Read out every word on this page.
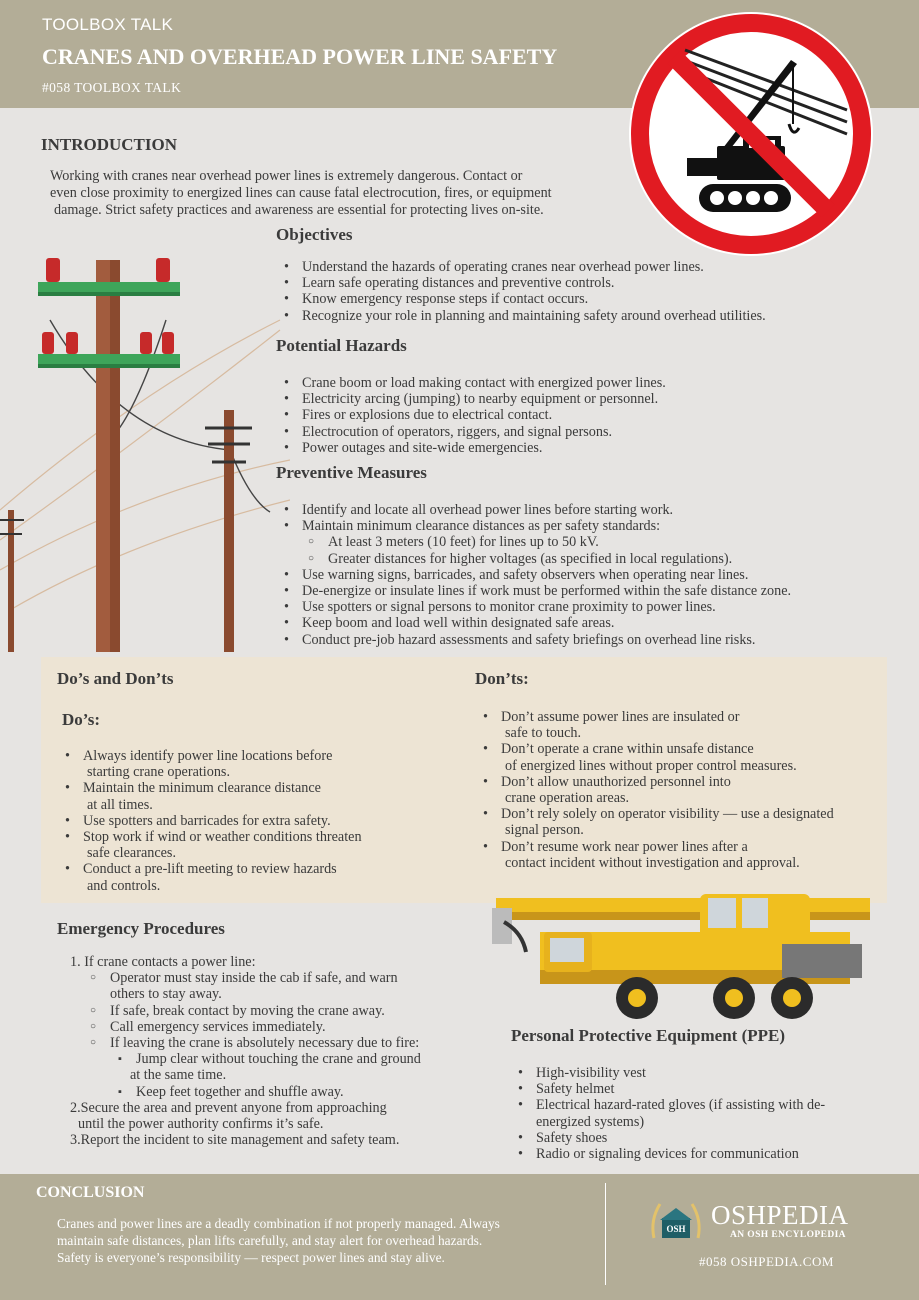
TOOLBOX TALK
CRANES AND OVERHEAD POWER LINE SAFETY
#058 TOOLBOX TALK
INTRODUCTION
Working with cranes near overhead power lines is extremely dangerous. Contact or
even close proximity to energized lines can cause fatal electrocution, fires, or equipment
damage. Strict safety practices and awareness are essential for protecting lives on-site.
Objectives
• Understand the hazards of operating cranes near overhead power lines.
• Learn safe operating distances and preventive controls.
• Know emergency response steps if contact occurs.
• Recognize your role in planning and maintaining safety around overhead utilities.
Potential Hazards
• Crane boom or load making contact with energized power lines.
• Electricity arcing (jumping) to nearby equipment or personnel.
• Fires or explosions due to electrical contact.
• Electrocution of operators, riggers, and signal persons.
• Power outages and site-wide emergencies.
Preventive Measures
• Identify and locate all overhead power lines before starting work.
• Maintain minimum clearance distances as per safety standards:
○ At least 3 meters (10 feet) for lines up to 50 kV.
○ Greater distances for higher voltages (as specified in local regulations).
• Use warning signs, barricades, and safety observers when operating near lines.
• De-energize or insulate lines if work must be performed within the safe distance zone.
• Use spotters or signal persons to monitor crane proximity to power lines.
• Keep boom and load well within designated safe areas.
• Conduct pre-job hazard assessments and safety briefings on overhead line risks.
Do’s and Don’ts
Do’s:
Don’ts:
• Always identify power line locations before
starting crane operations.
• Maintain the minimum clearance distance
at all times.
• Use spotters and barricades for extra safety.
• Stop work if wind or weather conditions threaten
safe clearances.
• Conduct a pre-lift meeting to review hazards
and controls.
• Don’t assume power lines are insulated or
safe to touch.
• Don’t operate a crane within unsafe distance
of energized lines without proper control measures.
• Don’t allow unauthorized personnel into
crane operation areas.
• Don’t rely solely on operator visibility — use a designated
signal person.
• Don’t resume work near power lines after a
contact incident without investigation and approval.
Emergency Procedures
1. If crane contacts a power line:
○ Operator must stay inside the cab if safe, and warn
others to stay away.
○ If safe, break contact by moving the crane away.
○ Call emergency services immediately.
○ If leaving the crane is absolutely necessary due to fire:
▪ Jump clear without touching the crane and ground
at the same time.
▪ Keep feet together and shuffle away.
2.Secure the area and prevent anyone from approaching
until the power authority confirms it’s safe.
3.Report the incident to site management and safety team.
Personal Protective Equipment (PPE)
• High-visibility vest
• Safety helmet
• Electrical hazard-rated gloves (if assisting with de-
energized systems)
• Safety shoes
• Radio or signaling devices for communication
CONCLUSION
Cranes and power lines are a deadly combination if not properly managed. Always
maintain safe distances, plan lifts carefully, and stay alert for overhead hazards.
Safety is everyone’s responsibility — respect power lines and stay alive.
OSH OSHPEDIA
AN OSH ENCYLOPEDIA
#058 OSHPEDIA.COM
